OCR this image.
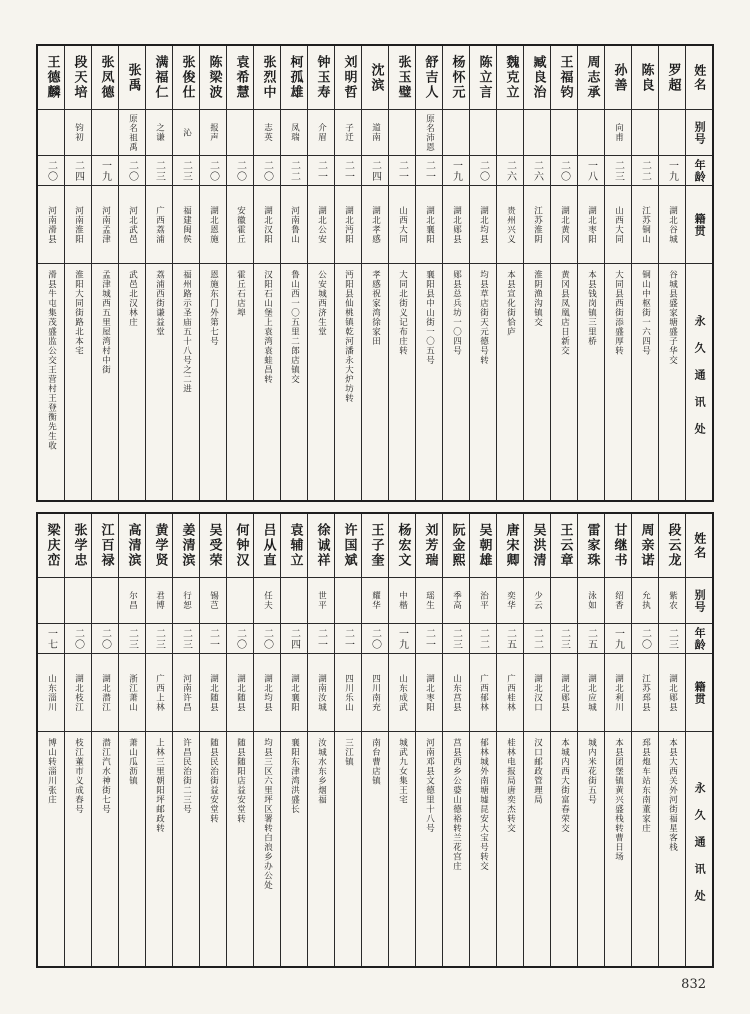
姓名
别号
年龄
籍贯
永久通讯处
罗超
一九
湖北谷城
谷城县盛家塘盛子华交
陈良
二二
江苏铜山
铜山中枢街一六四号
孙善
向甫
二三
山西大同
大同县西街添盛厚转
周志承
一八
湖北枣阳
本县钱岗镇三里桥
王福钧
二〇
湖北黄冈
黄冈县凤凰店日新交
臧良治
二六
江苏淮阴
淮阴渔沟镇交
魏克立
二六
贵州兴义
本县宣化街恰庐
陈立言
二〇
湖北均县
均县草店街天元德号转
杨怀元
一九
湖北郧县
郧县总兵坊一〇四号
舒吉人
原名沛恩
二一
湖北襄阳
襄阳县中山街一〇五号
张玉璧
二一
山西大同
大同北街义记布庄转
沈滨
道南
二四
湖北孝感
孝感祝家湾徐家田
刘明哲
子迁
二一
湖北沔阳
沔阳县仙桃镇乾河潘永大炉坊转
钟玉寿
介眉
二一
湖北公安
公安城西济生堂
柯孤雄
凤瑞
二二
河南鲁山
鲁山西一〇五里二郎店镇交
张烈中
志英
二〇
湖北汉阳
汉阳石山堡上袁湾袁蛙昌转
袁希慧
二〇
安徽霍丘
霍丘石店埠
陈梁波
报声
二〇
湖北恩施
恩施东门外第七号
张俊仕
沁
二三
福建闽侯
福州路示圣庙五十八号之二进
满福仁
之谦
二三
广西荔浦
荔浦西街谦益堂
张禹
原名祖禹
二〇
河北武邑
武邑北汉林庄
张凤德
一九
河南孟津
孟津城西五里屋湾村中街
段天培
钧初
二四
河南淮阳
淮阳大同街路北本宅
王德麟
二〇
河南滑县
滑县牛屯集茂盛监公交王营村王登衡先生收
姓名
别号
年龄
籍贯
永久通讯处
段云龙
紫农
二三
湖北郧县
本县大西关外河街福星客栈
周亲诺
允执
二〇
江苏邳县
邳县炮车站东南董家庄
甘继书
绍香
一九
湖北利川
本县团堡镇黄兴盛栈转曹日场
雷家珠
泳如
二五
湖北应城
城内米花街五号
王云章
二三
湖北郧县
本城内西大街富春荣交
吴洪清
少云
二二
湖北汉口
汉口邮政管理局
唐宋卿
奕华
二五
广西桂林
桂林电报局唐奕杰转交
吴朝雄
治平
二二
广西郁林
郁林城外南塘墟昆安大宝号转交
阮金熙
季高
二三
山东莒县
莒县西乡公婆山德裕转兰花宫庄
刘芳瑞
瑶生
二一
湖北枣阳
河南邓县文德里十八号
杨宏文
中楷
一九
山东成武
城武九女集王宅
王子奎
耀华
二〇
四川南充
南台曹店镇
许国斌
二一
四川乐山
三江镇
徐诚祥
世平
二一
湖南汝城
汝城水东乡烟福
袁辅立
二四
湖北襄阳
襄阳东津湾洪盛长
吕从直
任夫
二〇
湖北均县
均县三区六里坪区署转白浪乡办公处
何钟汉
二〇
湖北随县
随县随阳店益安堂转
吴受荣
锡芑
二一
湖北随县
随县民治街益安堂转
姜清滨
行恕
二三
河南许昌
许昌民治街二三号
黄学贤
君博
二三
广西上林
上林三里朝阳坪邮政转
高清滨
尔昌
二三
浙江萧山
萧山瓜沥镇
江百禄
二〇
湖北潜江
潜江汽水神街七号
张学忠
二〇
湖北枝江
枝江董市义成春号
梁庆峦
一七
山东淄川
博山转淄川张庄
832
